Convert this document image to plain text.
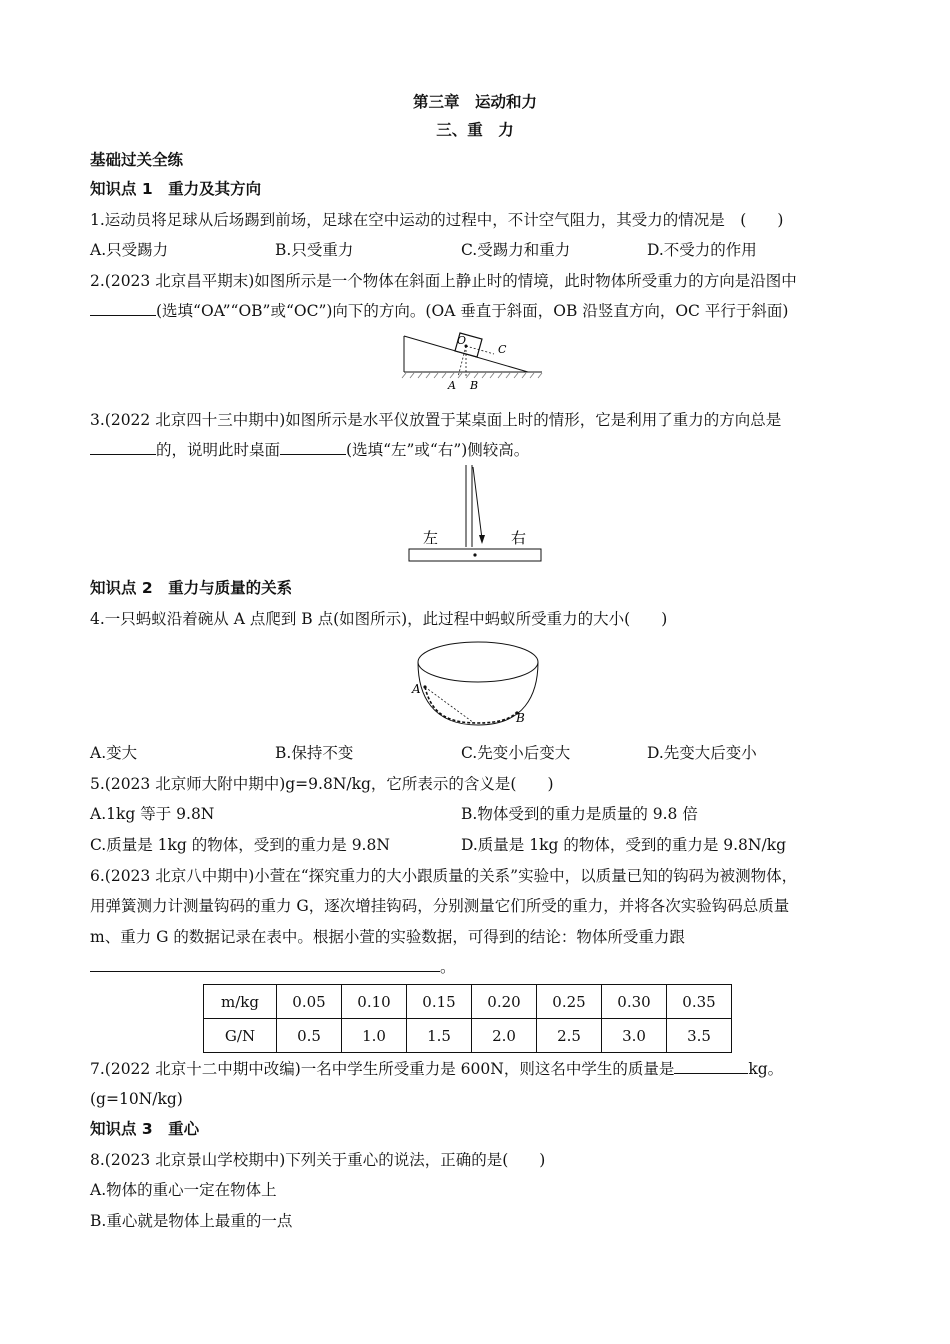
第三章　运动和力
三、重　力
基础过关全练
知识点 1　重力及其方向
1.运动员将足球从后场踢到前场，足球在空中运动的过程中，不计空气阻力，其受力的情况是　(　　)
A.只受踢力	B.只受重力	C.受踢力和重力	D.不受力的作用
2.(2023 北京昌平期末)如图所示是一个物体在斜面上静止时的情境，此时物体所受重力的方向是沿图中
(选填“OA”“OB”或“OC”)向下的方向。(OA 垂直于斜面，OB 沿竖直方向，OC 平行于斜面)
O
C
A B
3.(2022 北京四十三中期中)如图所示是水平仪放置于某桌面上时的情形，它是利用了重力的方向总是
的，说明此时桌面	(选填“左”或“右”)侧较高。
左	右
知识点 2　重力与质量的关系
4.一只蚂蚁沿着碗从 A 点爬到 B 点(如图所示)，此过程中蚂蚁所受重力的大小(　　)
A
B
A.变大	B.保持不变	C.先变小后变大	D.先变大后变小
5.(2023 北京师大附中期中)g=9.8N/kg，它所表示的含义是(　　)
A.1kg 等于 9.8N	B.物体受到的重力是质量的 9.8 倍
C.质量是 1kg 的物体，受到的重力是 9.8N	D.质量是 1kg 的物体，受到的重力是 9.8N/kg
6.(2023 北京八中期中)小萱在“探究重力的大小跟质量的关系”实验中，以质量已知的钩码为被测物体，
用弹簧测力计测量钩码的重力 G，逐次增挂钩码，分别测量它们所受的重力，并将各次实验钩码总质量
m、重力 G 的数据记录在表中。根据小萱的实验数据，可得到的结论：物体所受重力跟
。
m/kg	0.05	0.10	0.15	0.20	0.25	0.30	0.35
G/N	0.5	1.0	1.5	2.0	2.5	3.0	3.5
7.(2022 北京十二中期中改编)一名中学生所受重力是 600N，则这名中学生的质量是	kg。
(g=10N/kg)
知识点 3　重心
8.(2023 北京景山学校期中)下列关于重心的说法，正确的是(　　)
A.物体的重心一定在物体上
B.重心就是物体上最重的一点
